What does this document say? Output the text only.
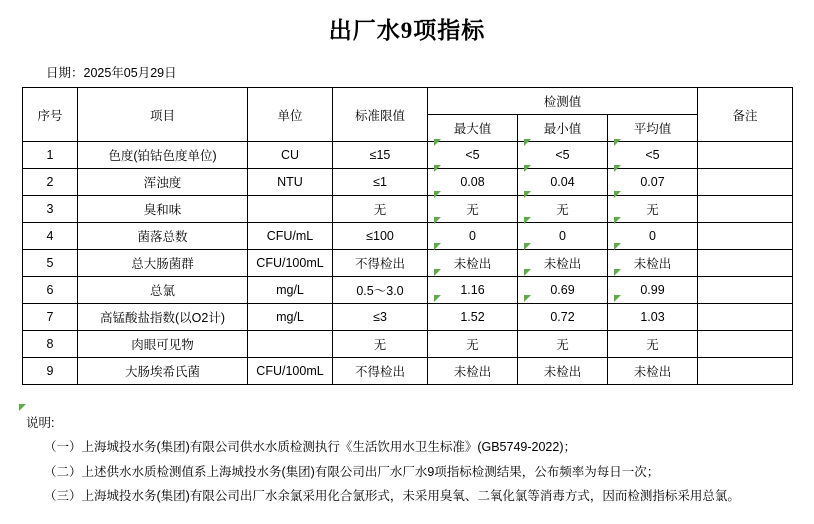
出厂水9项指标
日期：2025年05月29日
序号	项目	单位	标准限值	检测值			备注
				最大值	最小值	平均值	
1	色度(铂钴色度单位)	CU	≤15	<5	<5	<5	
2	浑浊度	NTU	≤1	0.08	0.04	0.07	
3	臭和味		无	无	无	无	
4	菌落总数	CFU/mL	≤100	0	0	0	
5	总大肠菌群	CFU/100mL	不得检出	未检出	未检出	未检出	
6	总氯	mg/L	0.5～3.0	1.16	0.69	0.99	
7	高锰酸盐指数(以O2计)	mg/L	≤3	1.52	0.72	1.03	
8	肉眼可见物		无	无	无	无	
9	大肠埃希氏菌	CFU/100mL	不得检出	未检出	未检出	未检出	
说明:
（一）上海城投水务(集团)有限公司供水水质检测执行《生活饮用水卫生标准》(GB5749-2022)；
（二）上述供水水质检测值系上海城投水务(集团)有限公司出厂水厂水9项指标检测结果，公布频率为每日一次；
（三）上海城投水务(集团)有限公司出厂水余氯采用化合氯形式，未采用臭氧、二氧化氯等消毒方式，因而检测指标采用总氯。
